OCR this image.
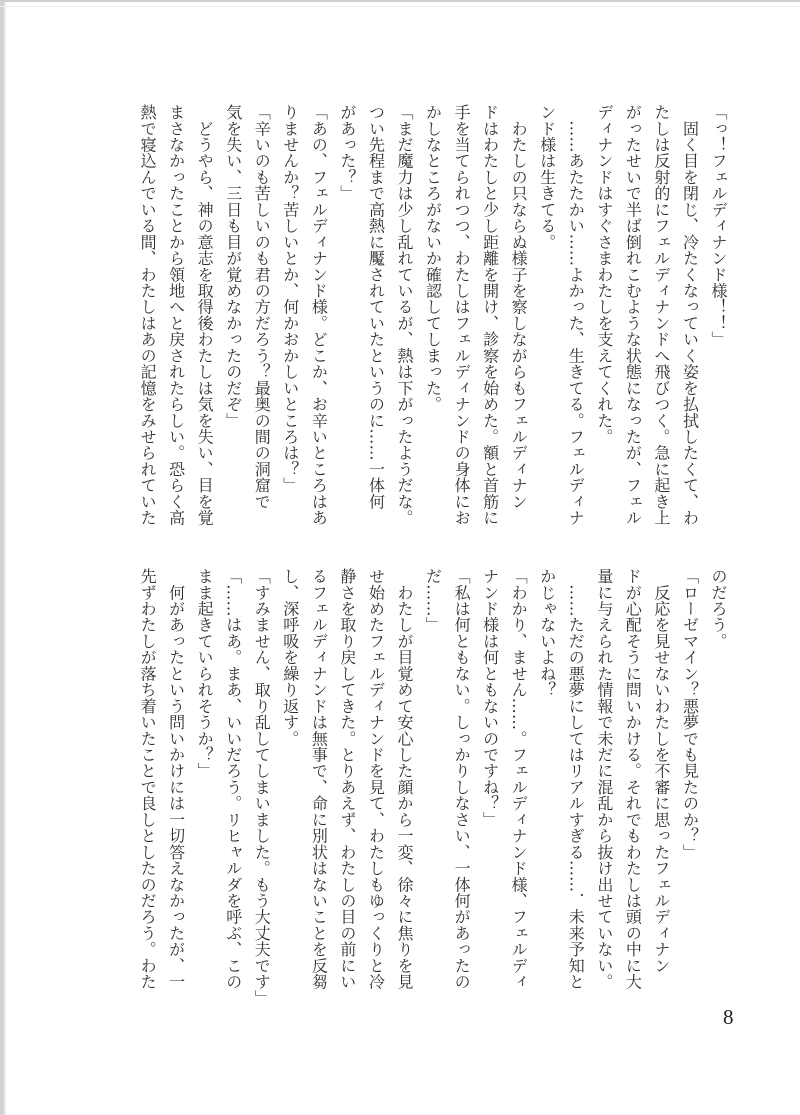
「っ！フェルディナンド様！！」
　固く目を閉じ、冷たくなっていく姿を払拭したくて、わ
たしは反射的にフェルディナンドへ飛びつく。急に起き上
がったせいで半ば倒れこむような状態になったが、フェル
ディナンドはすぐさまわたしを支えてくれた。
　……あたたかい……よかった、生きてる。フェルディナ
ンド様は生きてる。
　わたしの只ならぬ様子を察しながらもフェルディナン
ドはわたしと少し距離を開け、診察を始めた。額と首筋に
手を当てられつつ、わたしはフェルディナンドの身体にお
かしなところがないか確認してしまった。
「まだ魔力は少し乱れているが、熱は下がったようだな。
つい先程まで高熱に魘されていたというのに……一体何
があった？」
「あの、フェルディナンド様。どこか、お辛いところはあ
りませんか？苦しいとか、何かおかしいところは？」
「辛いのも苦しいのも君の方だろう？最奥の間の洞窟で
気を失い、三日も目が覚めなかったのだぞ」
　どうやら、神の意志を取得後わたしは気を失い、目を覚
まさなかったことから領地へと戻されたらしい。恐らく高
熱で寝込んでいる間、わたしはあの記憶をみせられていた
のだろう。
「ローゼマイン？悪夢でも見たのか？」
　反応を見せないわたしを不審に思ったフェルディナン
ドが心配そうに問いかける。それでもわたしは頭の中に大
量に与えられた情報で未だに混乱から抜け出せていない。
　……ただの悪夢にしてはリアルすぎる……．未来予知と
かじゃないよね？
「わかり、ません……。フェルディナンド様、フェルディ
ナンド様は何ともないのですね？」
「私は何ともない。しっかりしなさい、一体何があったの
だ……」
　わたしが目覚めて安心した顔から一変、徐々に焦りを見
せ始めたフェルディナンドを見て、わたしもゆっくりと冷
静さを取り戻してきた。とりあえず、わたしの目の前にい
るフェルディナンドは無事で、命に別状はないことを反芻
し、深呼吸を繰り返す。
「すみません、取り乱してしまいました。もう大丈夫です」
「……はあ。まあ、いいだろう。リヒャルダを呼ぶ、この
まま起きていられそうか？」
　何があったという問いかけには一切答えなかったが、一
先ずわたしが落ち着いたことで良しとしたのだろう。わた
8
